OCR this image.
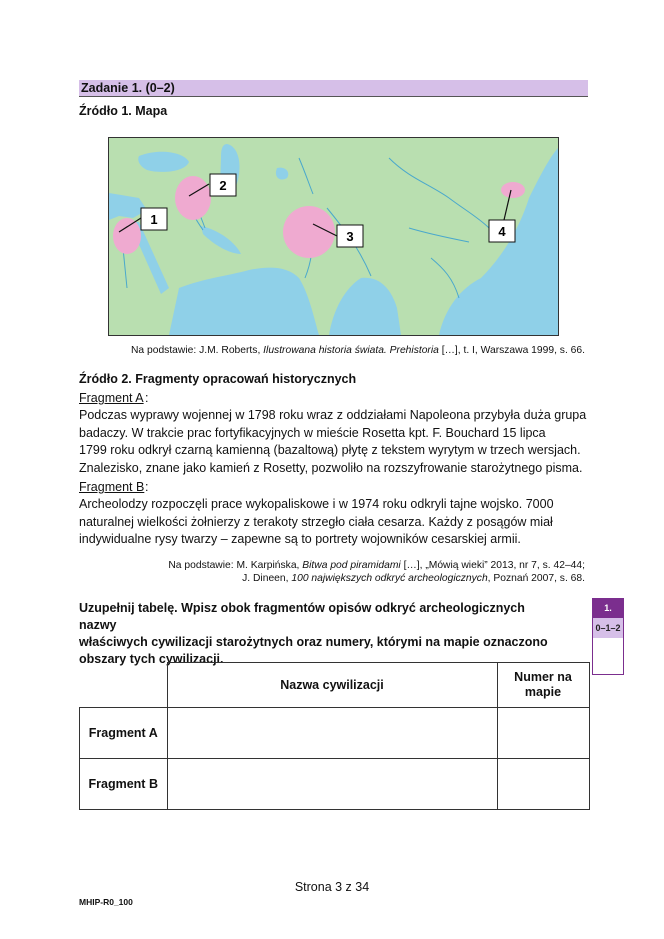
Zadanie 1. (0–2)
Źródło 1. Mapa
1
2
3	4
Na podstawie: J.M. Roberts, Ilustrowana historia świata. Prehistoria […], t. I, Warszawa 1999, s. 66.
Źródło 2. Fragmenty opracowań historycznych
Fragment A :
Podczas wyprawy wojennej w 1798 roku wraz z oddziałami Napoleona przybyła duża grupa
badaczy. W trakcie prac fortyfikacyjnych w mieście Rosetta kpt. F. Bouchard 15 lipca
1799 roku odkrył czarną kamienną (bazaltową) płytę z tekstem wyrytym w trzech wersjach.
Znalezisko, znane jako kamień z Rosetty, pozwoliło na rozszyfrowanie starożytnego pisma.
Fragment B :
Archeolodzy rozpoczęli prace wykopaliskowe i w 1974 roku odkryli tajne wojsko. 7000
naturalnej wielkości żołnierzy z terakoty strzegło ciała cesarza. Każdy z posągów miał
indywidualne rysy twarzy – zapewne są to portrety wojowników cesarskiej armii.
Na podstawie: M. Karpińska, Bitwa pod piramidami […], „Mówią wieki” 2013, nr 7, s. 42–44;
J. Dineen, 100 największych odkryć archeologicznych, Poznań 2007, s. 68.
Uzupełnij tabelę. Wpisz obok fragmentów opisów odkryć archeologicznych nazwy
właściwych cywilizacji starożytnych oraz numery, którymi na mapie oznaczono
obszary tych cywilizacji.
1.
0–1–2
	Nazwa cywilizacji	Numer na
mapie

Fragment A		
Fragment B		
Strona 3 z 34
MHIP-R0_100
